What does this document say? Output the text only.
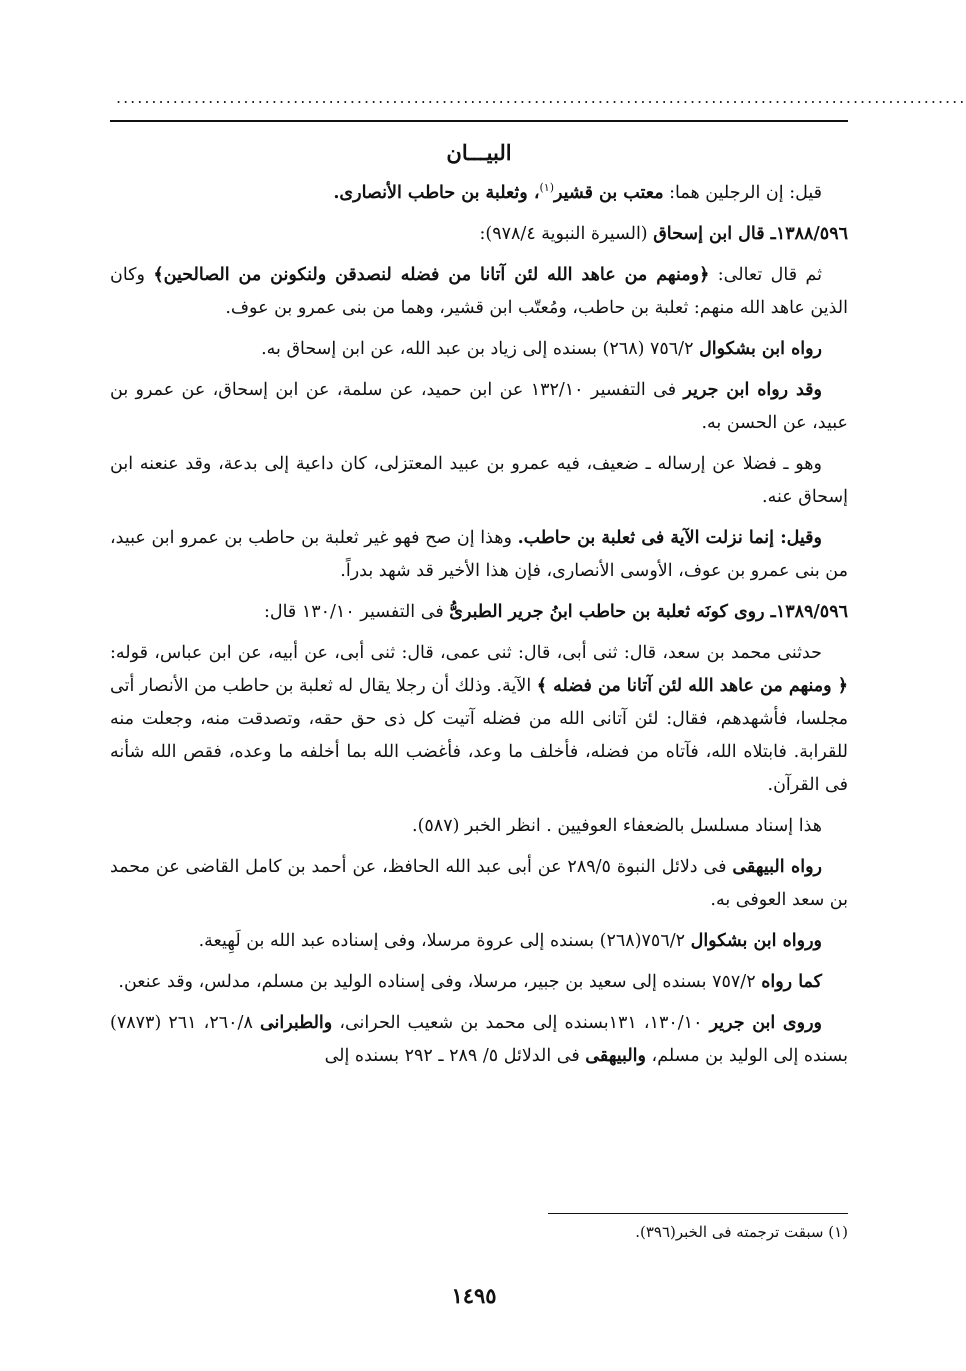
........................................................................................................................

البيـــان

قيل: إن الرجلين هما: معتب بن قشير$^{(١)}$، وثعلبة بن حاطب الأنصارى.

١٣٨٨/٥٩٦ـ قال ابن إسحاق (السيرة النبوية ٩٧٨/٤):

ثم قال تعالى: ﴿ومنهم من عاهد الله لئن آتانا من فضله لنصدقن ولنكونن من الصالحين﴾ وكان الذين عاهد الله منهم: ثعلبة بن حاطب، ومُعتّب ابن قشير، وهما من بنى عمرو بن عوف.

رواه ابن بشكوال ٧٥٦/٢ (٢٦٨) بسنده إلى زياد بن عبد الله، عن ابن إسحاق به.

وقد رواه ابن جرير فى التفسير ١٣٢/١٠ عن ابن حميد، عن سلمة، عن ابن إسحاق، عن عمرو بن عبيد، عن الحسن به.

وهو ـ فضلا عن إرساله ـ ضعيف، فيه عمرو بن عبيد المعتزلى، كان داعية إلى بدعة، وقد عنعنه ابن إسحاق عنه.

وقيل: إنما نزلت الآية فى ثعلبة بن حاطب. وهذا إن صح فهو غير ثعلبة بن حاطب بن عمرو ابن عبيد، من بنى عمرو بن عوف، الأوسى الأنصارى، فإن هذا الأخير قد شهد بدراً.

١٣٨٩/٥٩٦ـ روى كونَه ثعلبة بن حاطب ابنُ جرير الطبرىُّ فى التفسير ١٣٠/١٠ قال:

حدثنى محمد بن سعد، قال: ثنى أبى، قال: ثنى عمى، قال: ثنى أبى، عن أبيه، عن ابن عباس، قوله: ﴿ ومنهم من عاهد الله لئن آتانا من فضله ﴾ الآية. وذلك أن رجلا يقال له ثعلبة بن حاطب من الأنصار أتى مجلسا، فأشهدهم، فقال: لئن آتانى الله من فضله آتيت كل ذى حق حقه، وتصدقت منه، وجعلت منه للقرابة. فابتلاه الله، فآتاه من فضله، فأخلف ما وعد، فأغضب الله بما أخلفه ما وعده، فقص الله شأنه فى القرآن.

هذا إسناد مسلسل بالضعفاء العوفيين . انظر الخبر (٥٨٧).

رواه البيهقى فى دلائل النبوة ٢٨٩/٥ عن أبى عبد الله الحافظ، عن أحمد بن كامل القاضى عن محمد بن سعد العوفى به.

ورواه ابن بشكوال ٧٥٦/٢(٢٦٨) بسنده إلى عروة مرسلا، وفى إسناده عبد الله بن لَهِيعة.

كما رواه ٧٥٧/٢ بسنده إلى سعيد بن جبير، مرسلا، وفى إسناده الوليد بن مسلم، مدلس، وقد عنعن.

وروى ابن جرير ١٣٠/١٠، ١٣١بسنده إلى محمد بن شعيب الحرانى، والطبرانى ٢٦٠/٨، ٢٦١ (٧٨٧٣) بسنده إلى الوليد بن مسلم، والبيهقى فى الدلائل ٥/ ٢٨٩ ـ ٢٩٢ بسنده إلى

(١) سبقت ترجمته فى الخبر(٣٩٦).
١٤٩٥
